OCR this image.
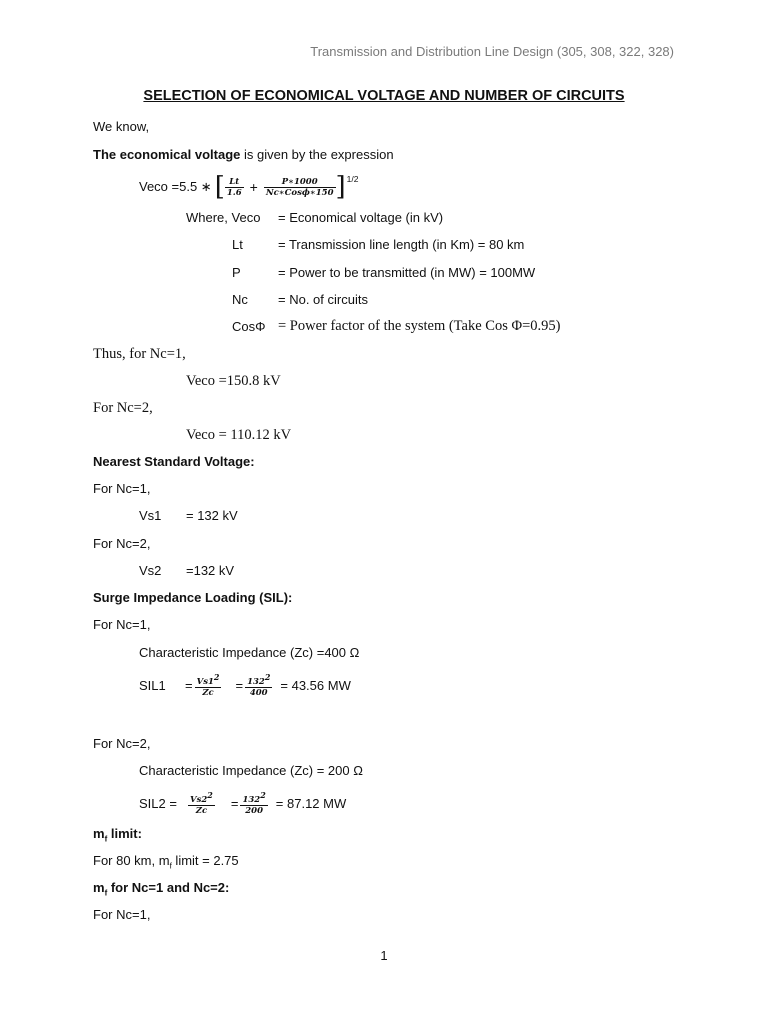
Transmission and Distribution Line Design (305, 308, 322, 328)
SELECTION OF ECONOMICAL VOLTAGE AND NUMBER OF CIRCUITS
We know,
The economical voltage is given by the expression
Veco =5.5 ∗ [ $\frac{Lt}{1.6} + \frac{P∗1000}{\text{Nc∗Cosϕ∗150}}$ ] 1/2
Where, Veco = Economical voltage (in kV)
Lt	= Transmission line length (in Km) = 80 km
P	= Power to be transmitted (in MW) = 100MW
Nc = No. of circuits
CosΦ = Power factor of the system (Take Cos Φ=0.95)
Thus, for Nc=1,
Veco =150.8 kV
For Nc=2,
Veco = 110.12 kV
Nearest Standard Voltage:
For Nc=1,
Vs1 = 132 kV
For Nc=2,
Vs2 =132 kV
Surge Impedance Loading (SIL):
For Nc=1,
Characteristic Impedance (Zc) =400 Ω
SIL1	= $\frac{Vs1^2}{Zc} = \frac{132^2}{400} = 43.56$ MW
For Nc=2,
Characteristic Impedance (Zc) = 200 Ω
SIL2 =	$\frac{Vs2^2}{Zc} = \frac{132^2}{200} = 87.12$ MW
$m_f$ limit:
For 80 km, $m_f$ limit = 2.75
$m_f$ for Nc=1 and Nc=2:
For Nc=1,
1
